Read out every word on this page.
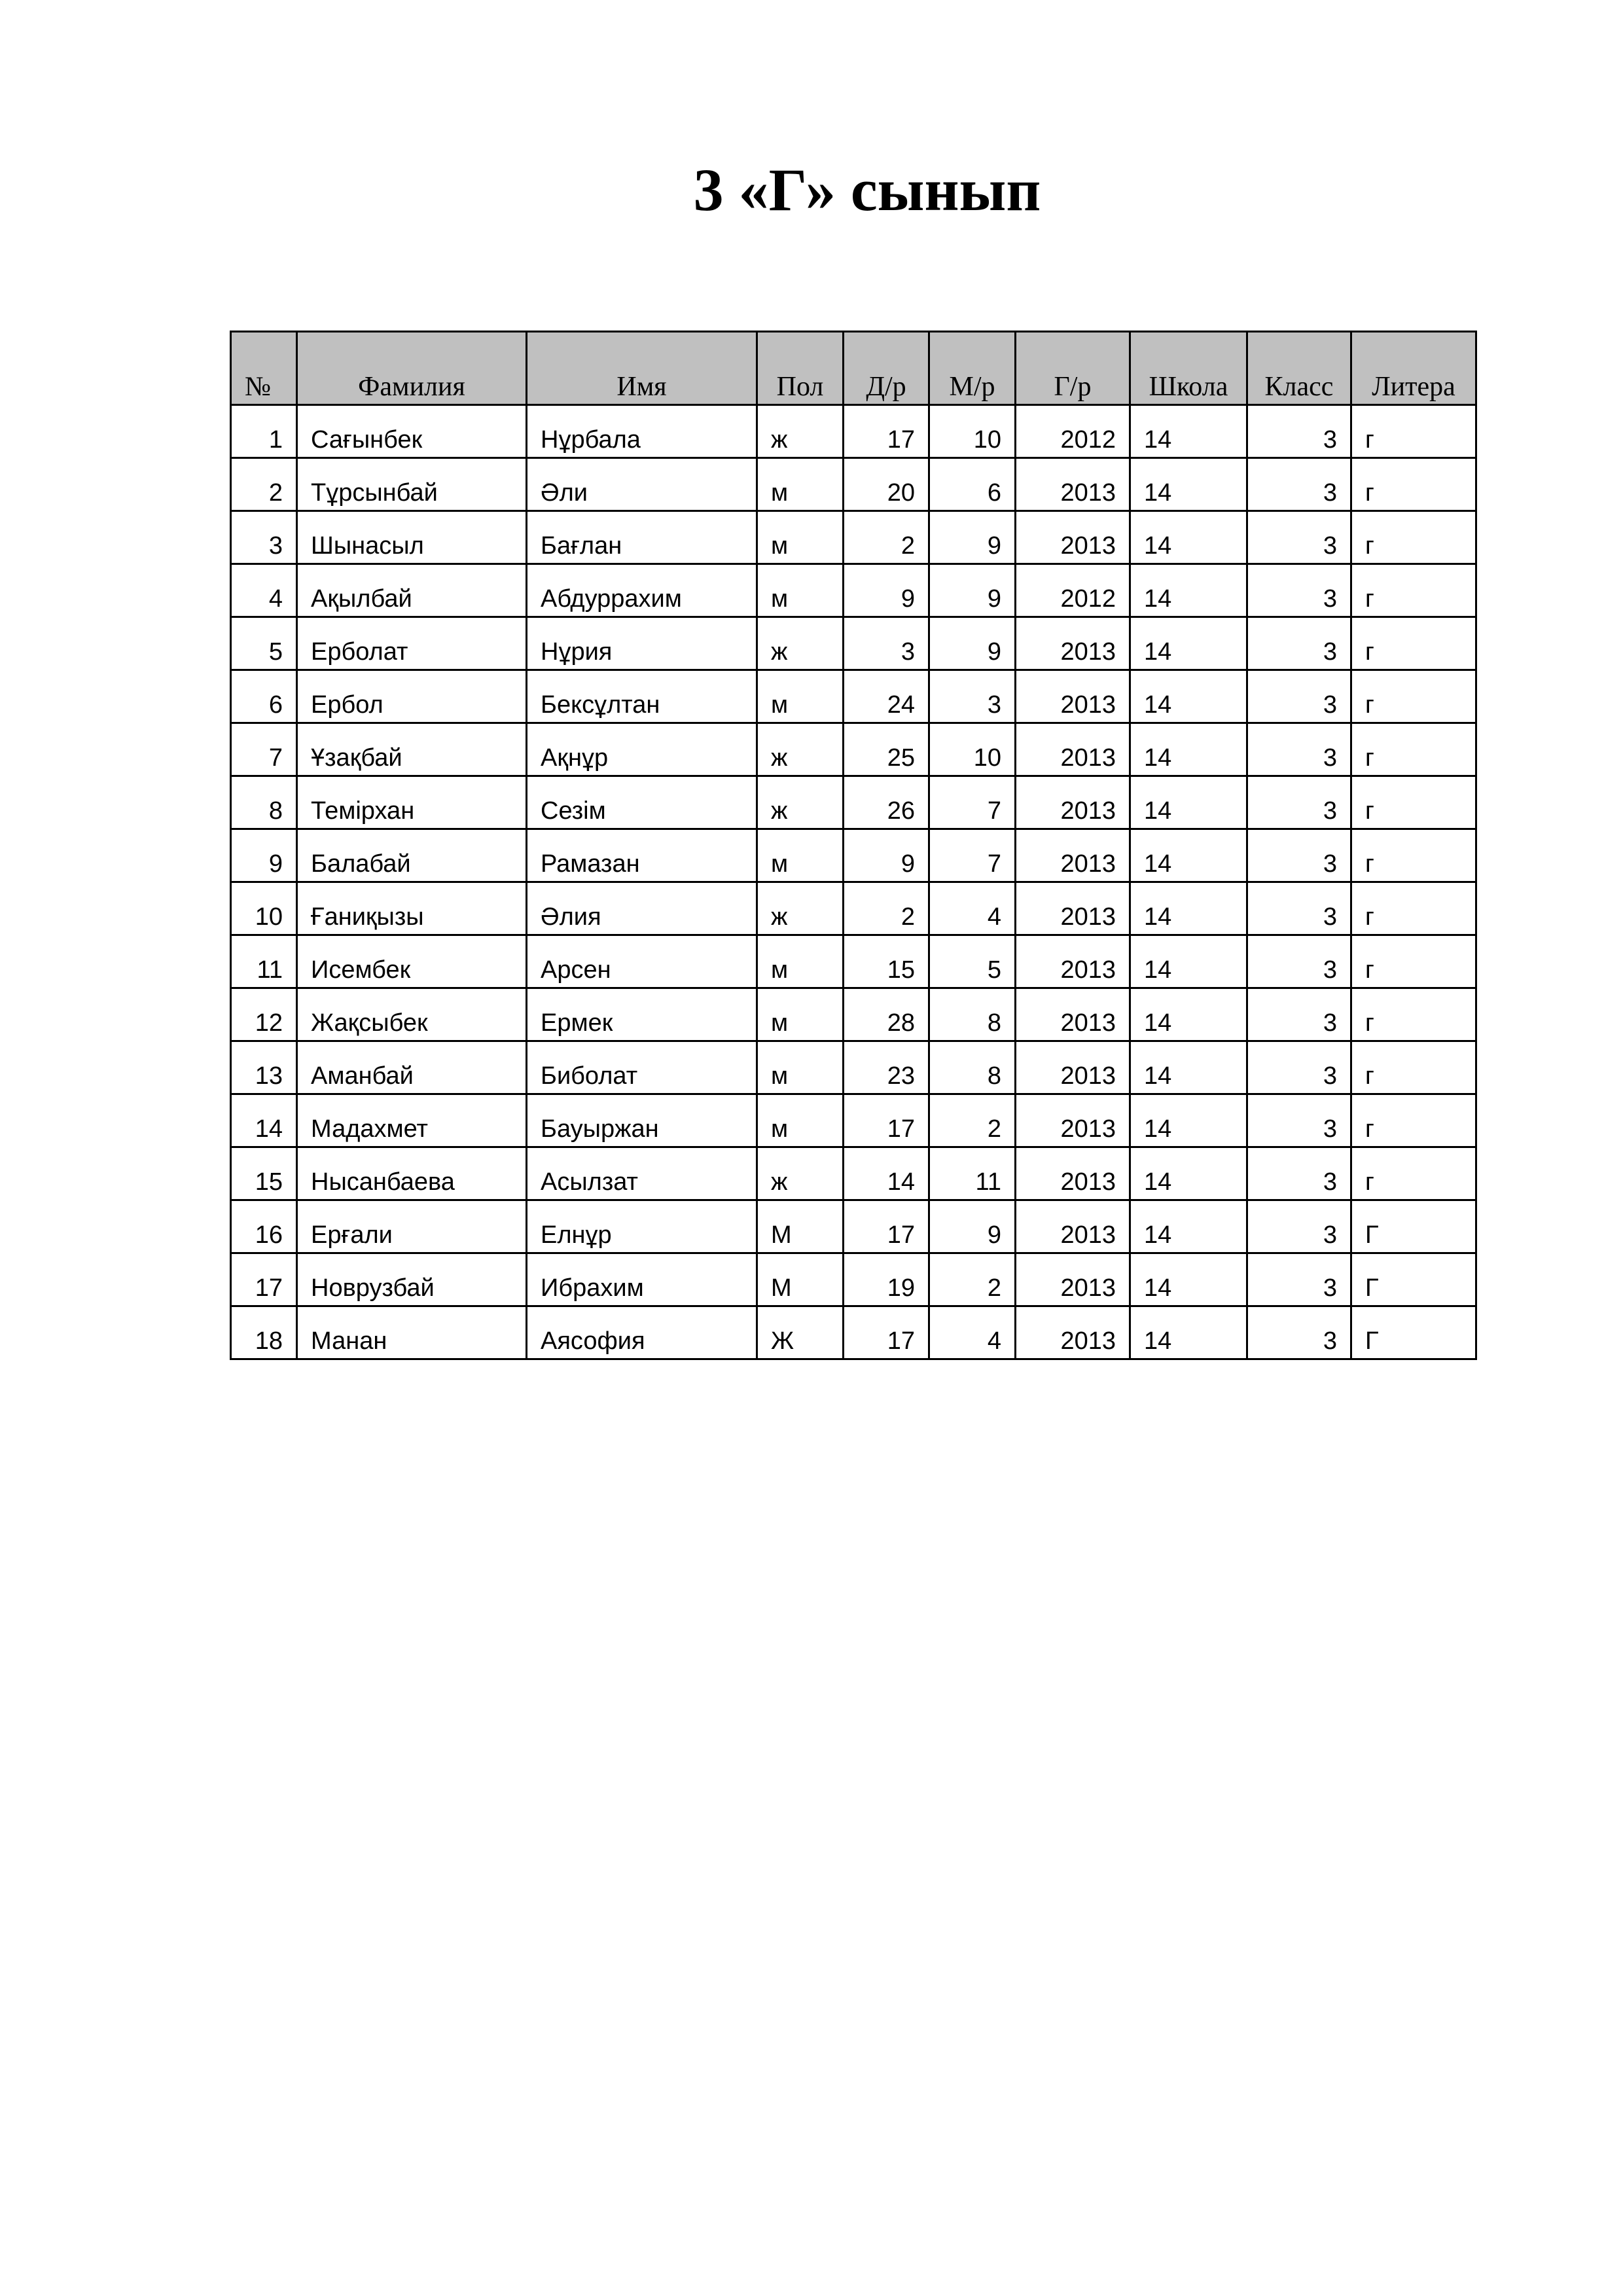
3 «Г» сынып
№	Фамилия	Имя	Пол	Д/р	М/р	Г/р	Школа	Класс	Литера
1	Сағынбек	Нұрбала	ж	17	10	2012	14	3	г
2	Тұрсынбай	Әли	м	20	6	2013	14	3	г
3	Шынасыл	Бағлан	м	2	9	2013	14	3	г
4	Ақылбай	Абдуррахим	м	9	9	2012	14	3	г
5	Ерболат	Нұрия	ж	3	9	2013	14	3	г
6	Ербол	Бексұлтан	м	24	3	2013	14	3	г
7	Ұзақбай	Ақнұр	ж	25	10	2013	14	3	г
8	Темірхан	Сезім	ж	26	7	2013	14	3	г
9	Балабай	Рамазан	м	9	7	2013	14	3	г
10	Ғаниқызы	Әлия	ж	2	4	2013	14	3	г
11	Исембек	Арсен	м	15	5	2013	14	3	г
12	Жақсыбек	Ермек	м	28	8	2013	14	3	г
13	Аманбай	Биболат	м	23	8	2013	14	3	г
14	Мадахмет	Бауыржан	м	17	2	2013	14	3	г
15	Нысанбаева	Асылзат	ж	14	11	2013	14	3	г
16	Ерғали	Елнұр	М	17	9	2013	14	3	Г
17	Новрузбай	Ибрахим	М	19	2	2013	14	3	Г
18	Манан	Аясофия	Ж	17	4	2013	14	3	Г
